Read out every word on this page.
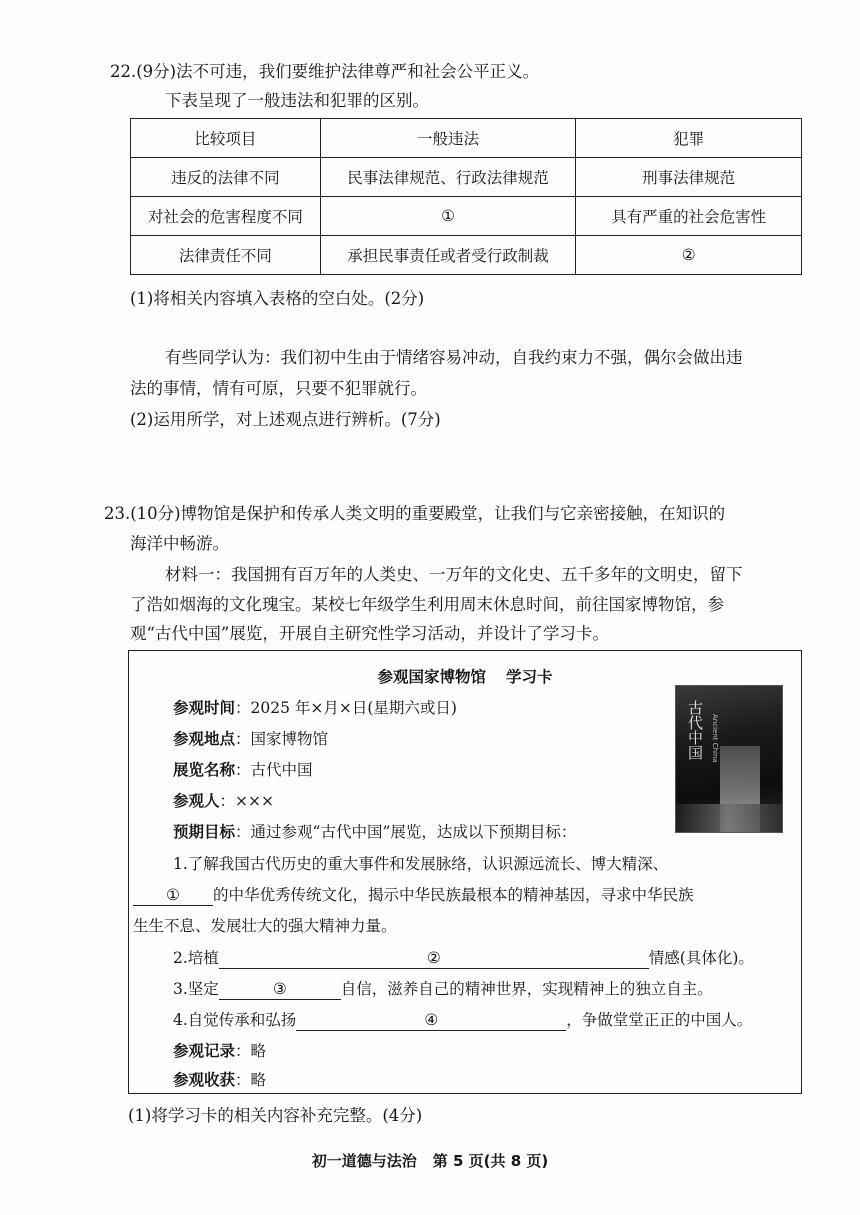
22.(9分)法不可违，我们要维护法律尊严和社会公平正义。
下表呈现了一般违法和犯罪的区别。
比较项目	一般违法	犯罪
违反的法律不同	民事法律规范、行政法律规范	刑事法律规范
对社会的危害程度不同	①	具有严重的社会危害性
法律责任不同	承担民事责任或者受行政制裁	②
(1)将相关内容填入表格的空白处。(2分)
有些同学认为：我们初中生由于情绪容易冲动，自我约束力不强，偶尔会做出违
法的事情，情有可原，只要不犯罪就行。
(2)运用所学，对上述观点进行辨析。(7分)
23.(10分)博物馆是保护和传承人类文明的重要殿堂，让我们与它亲密接触，在知识的
海洋中畅游。
材料一：我国拥有百万年的人类史、一万年的文化史、五千多年的文明史，留下
了浩如烟海的文化瑰宝。某校七年级学生利用周末休息时间，前往国家博物馆，参
观“古代中国”展览，开展自主研究性学习活动，并设计了学习卡。
参观国家博物馆 学习卡
古代中国 Ancient China
参观时间：2025 年×月×日(星期六或日)
参观地点：国家博物馆
展览名称：古代中国
参观人：×××
预期目标：通过参观“古代中国”展览，达成以下预期目标：
1.了解我国古代历史的重大事件和发展脉络，认识源远流长、博大精深、
① 的中华优秀传统文化，揭示中华民族最根本的精神基因，寻求中华民族
生生不息、发展壮大的强大精神力量。
2.培植	②	情感(具体化)。
3.坚定	③	自信，滋养自己的精神世界，实现精神上的独立自主。
4.自觉传承和弘扬	④	，争做堂堂正正的中国人。
参观记录：略
参观收获：略
(1)将学习卡的相关内容补充完整。(4分)
初一道德与法治 第 5 页(共 8 页)
